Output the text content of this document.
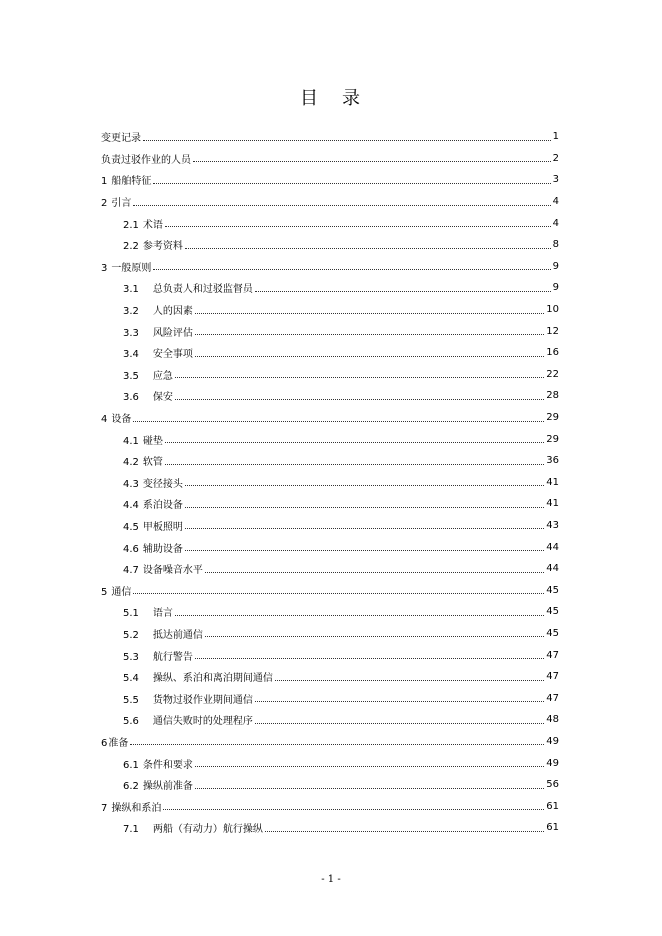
目 录
变更记录	1
负责过驳作业的人员	2
1 船舶特征	3
2 引言	4
2.1 术语	4
2.2 参考资料	8
3 一般原则	9
3.1 总负责人和过驳监督员	9
3.2 人的因素	10
3.3 风险评估	12
3.4 安全事项	16
3.5 应急	22
3.6 保安	28
4 设备	29
4.1 碰垫	29
4.2 软管	36
4.3 变径接头	41
4.4 系泊设备	41
4.5 甲板照明	43
4.6 辅助设备	44
4.7 设备噪音水平	44
5 通信	45
5.1 语言	45
5.2 抵达前通信	45
5.3 航行警告	47
5.4 操纵、系泊和离泊期间通信	47
5.5 货物过驳作业期间通信	47
5.6 通信失败时的处理程序	48
6准备	49
6.1 条件和要求	49
6.2 操纵前准备	56
7 操纵和系泊	61
7.1 两船（有动力）航行操纵	61
- 1 -
